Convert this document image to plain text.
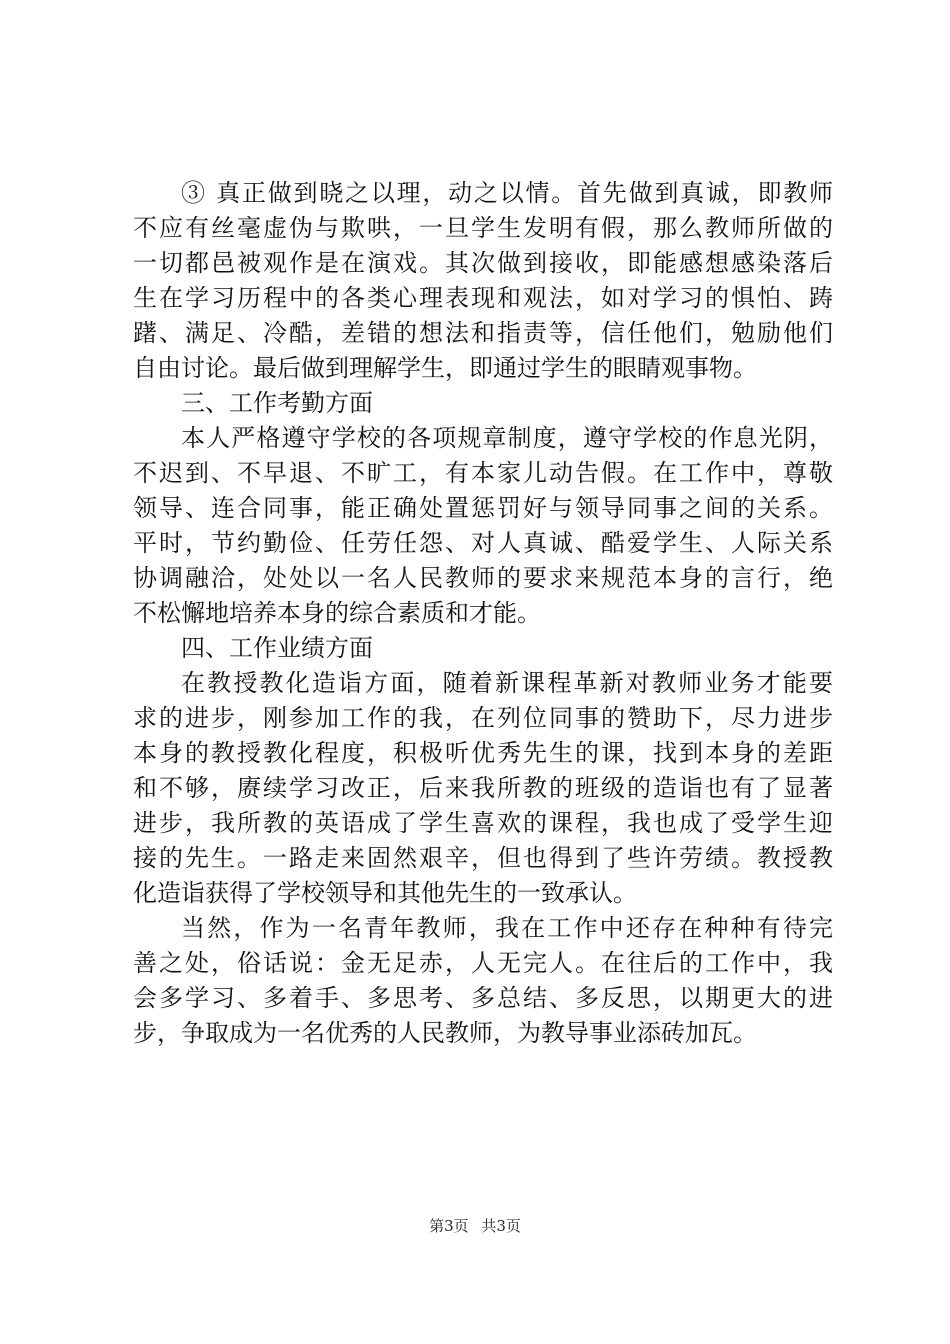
③ 真正做到晓之以理，动之以情。首先做到真诚，即教师
不应有丝毫虚伪与欺哄，一旦学生发明有假，那么教师所做的
一切都邑被观作是在演戏。其次做到接收，即能感想感染落后
生在学习历程中的各类心理表现和观法，如对学习的惧怕、踌
躇、满足、冷酷，差错的想法和指责等，信任他们，勉励他们
自由讨论。最后做到理解学生，即通过学生的眼睛观事物。
三、工作考勤方面
本人严格遵守学校的各项规章制度，遵守学校的作息光阴，
不迟到、不早退、不旷工，有本家儿动告假。在工作中，尊敬
领导、连合同事，能正确处置惩罚好与领导同事之间的关系。
平时，节约勤俭、任劳任怨、对人真诚、酷爱学生、人际关系
协调融洽，处处以一名人民教师的要求来规范本身的言行，绝
不松懈地培养本身的综合素质和才能。
四、工作业绩方面
在教授教化造诣方面，随着新课程革新对教师业务才能要
求的进步，刚参加工作的我，在列位同事的赞助下，尽力进步
本身的教授教化程度，积极听优秀先生的课，找到本身的差距
和不够，赓续学习改正，后来我所教的班级的造诣也有了显著
进步，我所教的英语成了学生喜欢的课程，我也成了受学生迎
接的先生。一路走来固然艰辛，但也得到了些许劳绩。教授教
化造诣获得了学校领导和其他先生的一致承认。
当然，作为一名青年教师，我在工作中还存在种种有待完
善之处，俗话说：金无足赤，人无完人。在往后的工作中，我
会多学习、多着手、多思考、多总结、多反思，以期更大的进
步，争取成为一名优秀的人民教师，为教导事业添砖加瓦。
第3页 共3页
